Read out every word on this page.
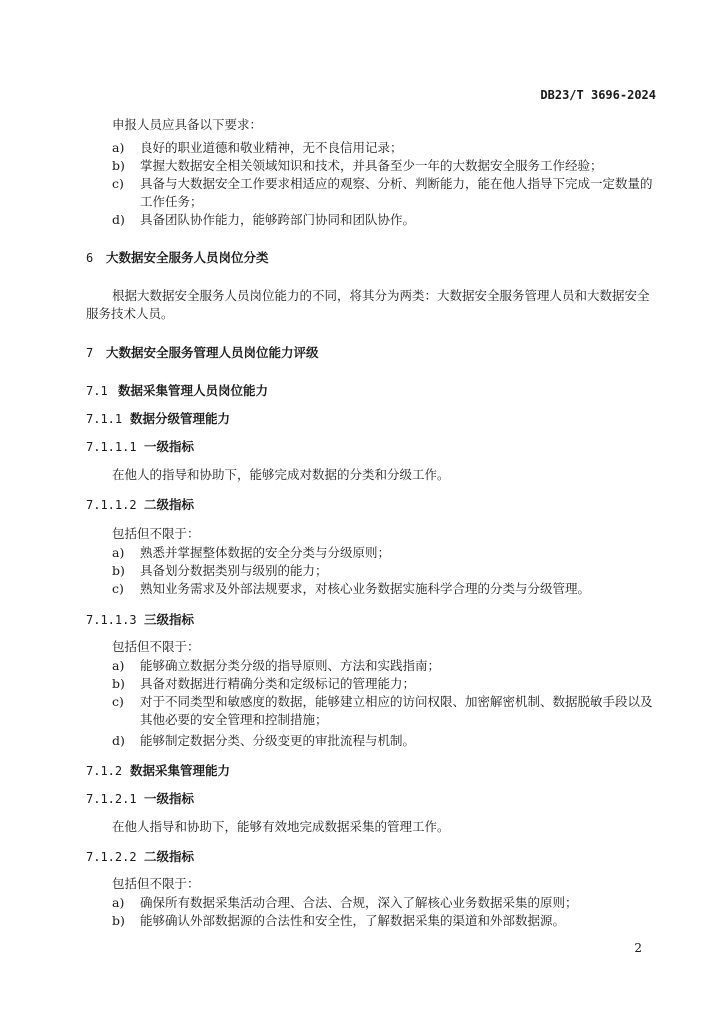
DB23/T 3696-2024
申报人员应具备以下要求：
a) 良好的职业道德和敬业精神，无不良信用记录；
b) 掌握大数据安全相关领域知识和技术，并具备至少一年的大数据安全服务工作经验；
c) 具备与大数据安全工作要求相适应的观察、分析、判断能力，能在他人指导下完成一定数量的
工作任务；
d) 具备团队协作能力，能够跨部门协同和团队协作。
6 大数据安全服务人员岗位分类
根据大数据安全服务人员岗位能力的不同，将其分为两类：大数据安全服务管理人员和大数据安全
服务技术人员。
7 大数据安全服务管理人员岗位能力评级
7.1 数据采集管理人员岗位能力
7.1.1 数据分级管理能力
7.1.1.1 一级指标
在他人的指导和协助下，能够完成对数据的分类和分级工作。
7.1.1.2 二级指标
包括但不限于：
a) 熟悉并掌握整体数据的安全分类与分级原则；
b) 具备划分数据类别与级别的能力；
c) 熟知业务需求及外部法规要求，对核心业务数据实施科学合理的分类与分级管理。
7.1.1.3 三级指标
包括但不限于：
a) 能够确立数据分类分级的指导原则、方法和实践指南；
b) 具备对数据进行精确分类和定级标记的管理能力；
c) 对于不同类型和敏感度的数据，能够建立相应的访问权限、加密解密机制、数据脱敏手段以及
其他必要的安全管理和控制措施；
d) 能够制定数据分类、分级变更的审批流程与机制。
7.1.2 数据采集管理能力
7.1.2.1 一级指标
在他人指导和协助下，能够有效地完成数据采集的管理工作。
7.1.2.2 二级指标
包括但不限于：
a) 确保所有数据采集活动合理、合法、合规，深入了解核心业务数据采集的原则；
b) 能够确认外部数据源的合法性和安全性，了解数据采集的渠道和外部数据源。
2
